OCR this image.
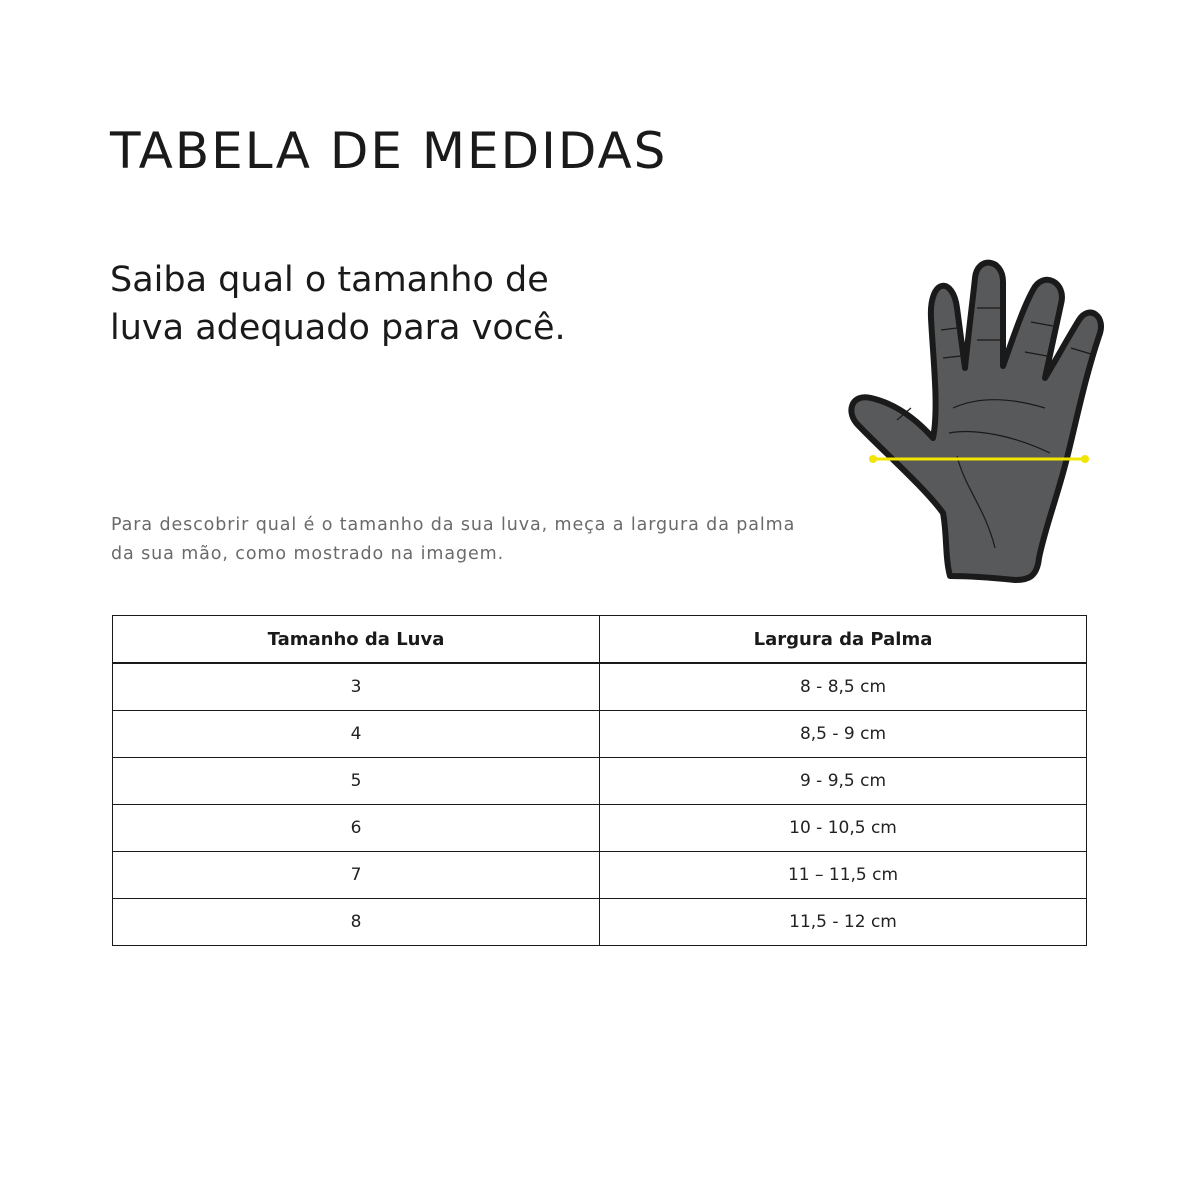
TABELA DE MEDIDAS
Saiba qual o tamanho de
luva adequado para você.
Para descobrir qual é o tamanho da sua luva, meça a largura da palma
da sua mão, como mostrado na imagem.
Tamanho da Luva	Largura da Palma
3	8 - 8,5 cm
4	8,5 - 9 cm
5	9 - 9,5 cm
6	10 - 10,5 cm
7	11 – 11,5 cm
8	11,5 - 12 cm
